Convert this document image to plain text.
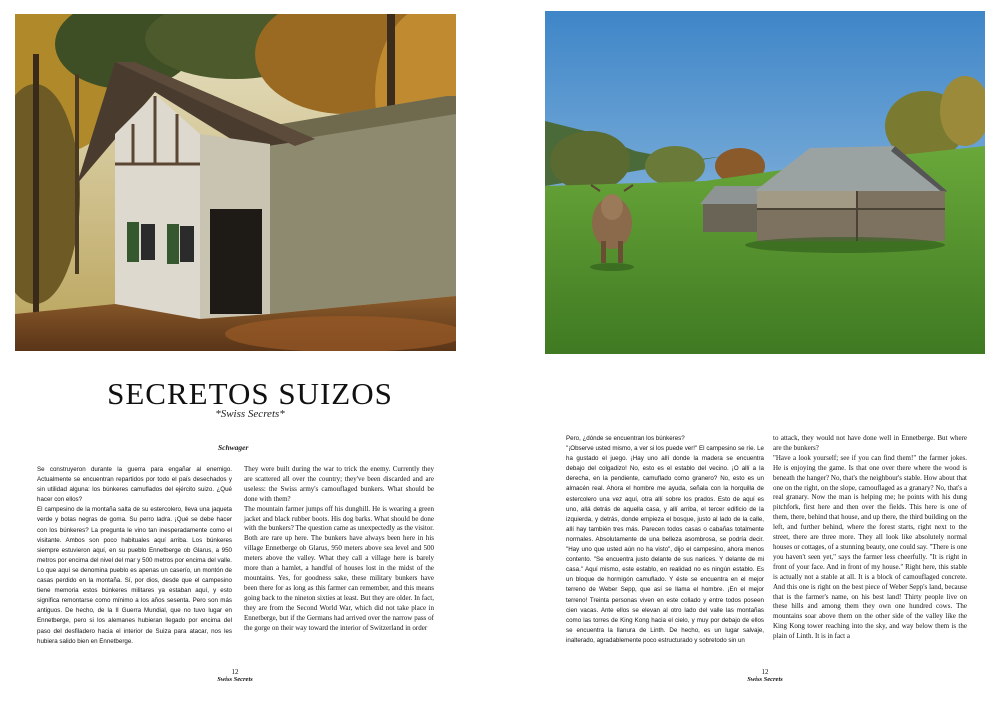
SECRETOS SUIZOS
*Swiss Secrets*
Schwager

Se construyeron durante la guerra para engañar al enemigo. Actualmente se encuentran repartidos por todo el país desechados y sin utilidad alguna: los búnkeres camuflados del ejército suizo. ¿Qué hacer con ellos?

El campesino de la montaña salta de su estercolero, lleva una jaqueta verde y botas negras de goma. Su perro ladra. ¡Qué se debe hacer con los búnkeres? La pregunta le vino tan inesperadamente como el visitante. Ambos son poco habituales aquí arriba. Los búnkeres siempre estuvieron aquí, en su pueblo Ennetberge ob Glarus, a 950 metros por encima del nivel del mar y 500 metros por encima del valle. Lo que aquí se denomina pueblo es apenas un caserío, un montón de casas perdido en la montaña. Sí, por dios, desde que el campesino tiene memoria estos búnkeres militares ya estaban aquí, y esto significa remontarse como mínimo a los años sesenta. Pero son más antiguos. De hecho, de la II Guerra Mundial, que no tuvo lugar en Ennetberge, pero si los alemanes hubieran llegado por encima del paso del desfiladero hacia el interior de Suiza para atacar, nos les hubiera salido bien en Ennetberge.

They were built during the war to trick the enemy. Currently they are scattered all over the country; they've been discarded and are useless: the Swiss army's camouflaged bunkers. What should be done with them?

The mountain farmer jumps off his dunghill. He is wearing a green jacket and black rubber boots. His dog barks. What should be done with the bunkers? The question came as unexpectedly as the visitor. Both are rare up here. The bunkers have always been here in his village Ennetberge ob Glarus, 950 meters above sea level and 500 meters above the valley. What they call a village here is barely more than a hamlet, a handful of houses lost in the midst of the mountains. Yes, for goodness sake, these military bunkers have been there for as long as this farmer can remember, and this means going back to the nineton sixties at least. But they are older. In fact, they are from the Second World War, which did not take place in Ennetberge, but if the Germans had arrived over the narrow pass of the gorge on their way toward the interior of Switzerland in order

12
Swiss Secrets

Pero, ¿dónde se encuentran los búnkeres?

"¡Observe usted mismo, a ver si los puede ver!" El campesino se ríe. Le ha gustado el juego. ¡Hay uno allí donde la madera se encuentra debajo del colgadizo! No, esto es el establo del vecino. ¡O allí a la derecha, en la pendiente, camuflado como granero? No, esto es un almacén real. Ahora el hombre me ayuda, señala con la horquilla de estercolero una vez aquí, otra allí sobre los prados. Esto de aquí es uno, allá detrás de aquella casa, y allí arriba, el tercer edificio de la izquierda, y detrás, donde empieza el bosque, justo al lado de la calle, allí hay también tres más. Parecen todos casas o cabañas totalmente normales. Absolutamente de una belleza asombrosa, se podría decir. "Hay uno que usted aún no ha visto", dijo el campesino, ahora menos contento. "Se encuentra justo delante de sus narices. Y delante de mi casa." Aquí mismo, este establo, en realidad no es ningún establo. Es un bloque de hormigón camuflado. Y éste se encuentra en el mejor terreno de Weber Sepp, que así se llama el hombre. ¡En el mejor terreno! Treinta personas viven en este collado y entre todos poseen cien vacas. Ante ellos se elevan al otro lado del valle las montañas como las torres de King Kong hacia el cielo, y muy por debajo de ellos se encuentra la llanura de Linth. De hecho, es un lugar salvaje, inalterado, agradablemente poco estructurado y sobretodo sin un

to attack, they would not have done well in Ennetberge. But where are the bunkers?

"Have a look yourself; see if you can find them!" the farmer jokes. He is enjoying the game. Is that one over there where the wood is beneath the hanger? No, that's the neighbour's stable. How about that one on the right, on the slope, camouflaged as a granary? No, that's a real granary. Now the man is helping me; he points with his dung pitchfork, first here and then over the fields. This here is one of them, there, behind that house, and up there, the third building on the left, and further behind, where the forest starts, right next to the street, there are three more. They all look like absolutely normal houses or cottages, of a stunning beauty, one could say. "There is one you haven't seen yet," says the farmer less cheerfully. "It is right in front of your face. And in front of my house." Right here, this stable is actually not a stable at all. It is a block of camouflaged concrete. And this one is right on the best piece of Weber Sepp's land, because that is the farmer's name, on his best land! Thirty people live on these hills and among them they own one hundred cows. The mountains soar above them on the other side of the valley like the King Kong tower reaching into the sky, and way below them is the plain of Linth. It is in fact a

12
Swiss Secrets
